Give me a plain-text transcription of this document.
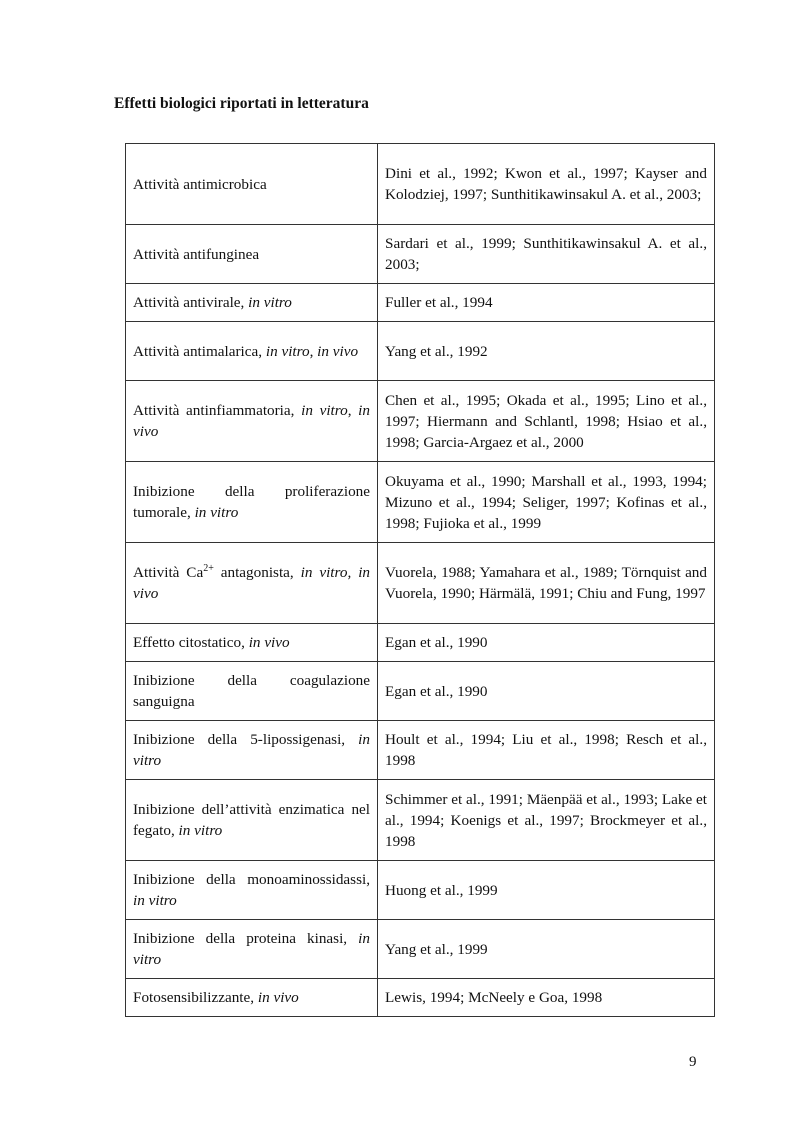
Effetti biologici riportati in letteratura
Attività antimicrobica	Dini et al., 1992; Kwon et al., 1997; Kayser and Kolodziej, 1997; Sunthitikawinsakul A. et al., 2003;
Attività antifunginea	Sardari et al., 1999; Sunthitikawinsakul A. et al., 2003;
Attività antivirale, in vitro	Fuller et al., 1994
Attività antimalarica, in vitro, in vivo	Yang et al., 1992
Attività antinfiammatoria, in vitro, in vivo	Chen et al., 1995; Okada et al., 1995; Lino et al., 1997; Hiermann and Schlantl, 1998; Hsiao et al., 1998; Garcia-Argaez et al., 2000
Inibizione della proliferazione tumorale, in vitro	Okuyama et al., 1990; Marshall et al., 1993, 1994; Mizuno et al., 1994; Seliger, 1997; Kofinas et al., 1998; Fujioka et al., 1999
Attività $Ca^{2+}$ antagonista, in vitro, in vivo	Vuorela, 1988; Yamahara et al., 1989; Törnquist and Vuorela, 1990; Härmälä, 1991; Chiu and Fung, 1997
Effetto citostatico, in vivo	Egan et al., 1990
Inibizione della coagulazione sanguigna	Egan et al., 1990
Inibizione della 5-lipossigenasi, in vitro	Hoult et al., 1994; Liu et al., 1998; Resch et al., 1998
Inibizione dell’attività enzimatica nel fegato, in vitro	Schimmer et al., 1991; Mäenpää et al., 1993; Lake et al., 1994; Koenigs et al., 1997; Brockmeyer et al., 1998
Inibizione della monoaminossidassi, in vitro	Huong et al., 1999
Inibizione della proteina kinasi, in vitro	Yang et al., 1999
Fotosensibilizzante, in vivo	Lewis, 1994; McNeely e Goa, 1998
9
